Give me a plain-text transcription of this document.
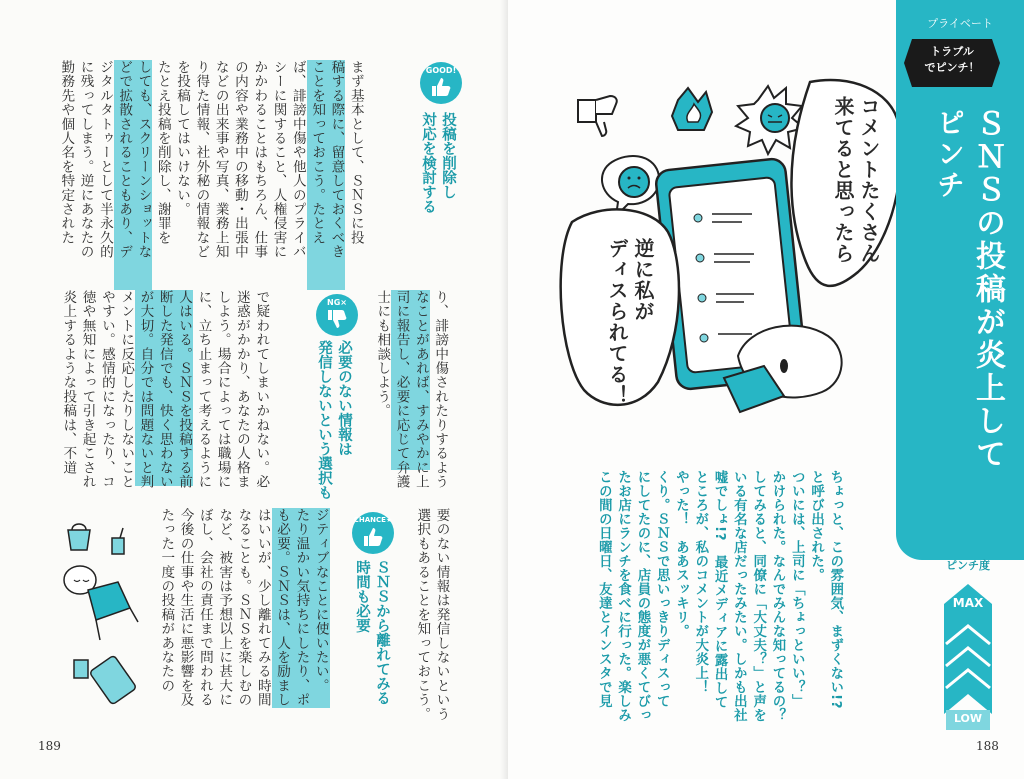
GOOD!
投稿を削除し
対応を検討する
まず基本として、ＳＮＳに投
稿する際に、留意しておくべき
ことを知っておこう。たとえ
ば、誹謗中傷や他人のプライバ
シーに関すること、人権侵害に
かかわることはもちろん、仕事
の内容や業務中の移動・出張中
などの出来事や写真、業務上知
り得た情報、社外秘の情報など
を投稿してはいけない。
たとえ投稿を削除し、謝罪を
しても、スクリーンショットな
どで拡散されることもあり、デ
ジタルタトゥーとして半永久的
に残ってしまう。逆にあなたの
勤務先や個人名を特定された
り、誹謗中傷されたりするよう
なことがあれば、すみやかに上
司に報告し、必要に応じて弁護
士にも相談しよう。
NG×
必要のない情報は
発信しないという選択も
で疑われてしまいかねない。必
迷惑がかかり、あなたの人格ま
しよう。場合によっては職場に
に、立ち止まって考えるように
人はいる。ＳＮＳを投稿する前
断した発信でも、快く思わない
が大切。自分では問題ないと判
メントに反応したりしないこと
やすい。感情的になったり、コ
徳や無知によって引き起こされ
炎上するような投稿は、不道
要のない情報は発信しないという
選択もあることを知っておこう。
CHANCE★
ＳＮＳから離れてみる
時間も必要
ジティブなことに使いたい。
たり温かい気持ちにしたり、ポ
も必要。ＳＮＳは、人を励まし
はいいが、少し離れてみる時間
なることも。ＳＮＳを楽しむの
など、被害は予想以上に甚大に
ぼし、会社の責任まで問われる
今後の仕事や生活に悪影響を及
たった一度の投稿があなたの
189
コメントたくさん
来てると思ったら
逆に私が
ディスられてる！
ちょっと、この雰囲気、まずくない!?
と呼び出された。
ついには、上司に「ちょっといい？」
かけられた。なんでみんな知ってるの？
してみると、同僚に「大丈夫？」と声を
いる有名な店だったみたい。しかも出社
嘘でしょ!?　最近メディアに露出して
ところが、私のコメントが大炎上！
やった！　ああスッキリ。
くり。ＳＮＳで思いっきりディスって
にしてたのに、店員の態度が悪くてびっ
たお店にランチを食べに行った。楽しみ
この間の日曜日、友達とインスタで見
188
プライベート
トラブル
でピンチ！
ＳＮＳの投稿が炎上して
ピンチ
ピンチ度
MAX
LOW
